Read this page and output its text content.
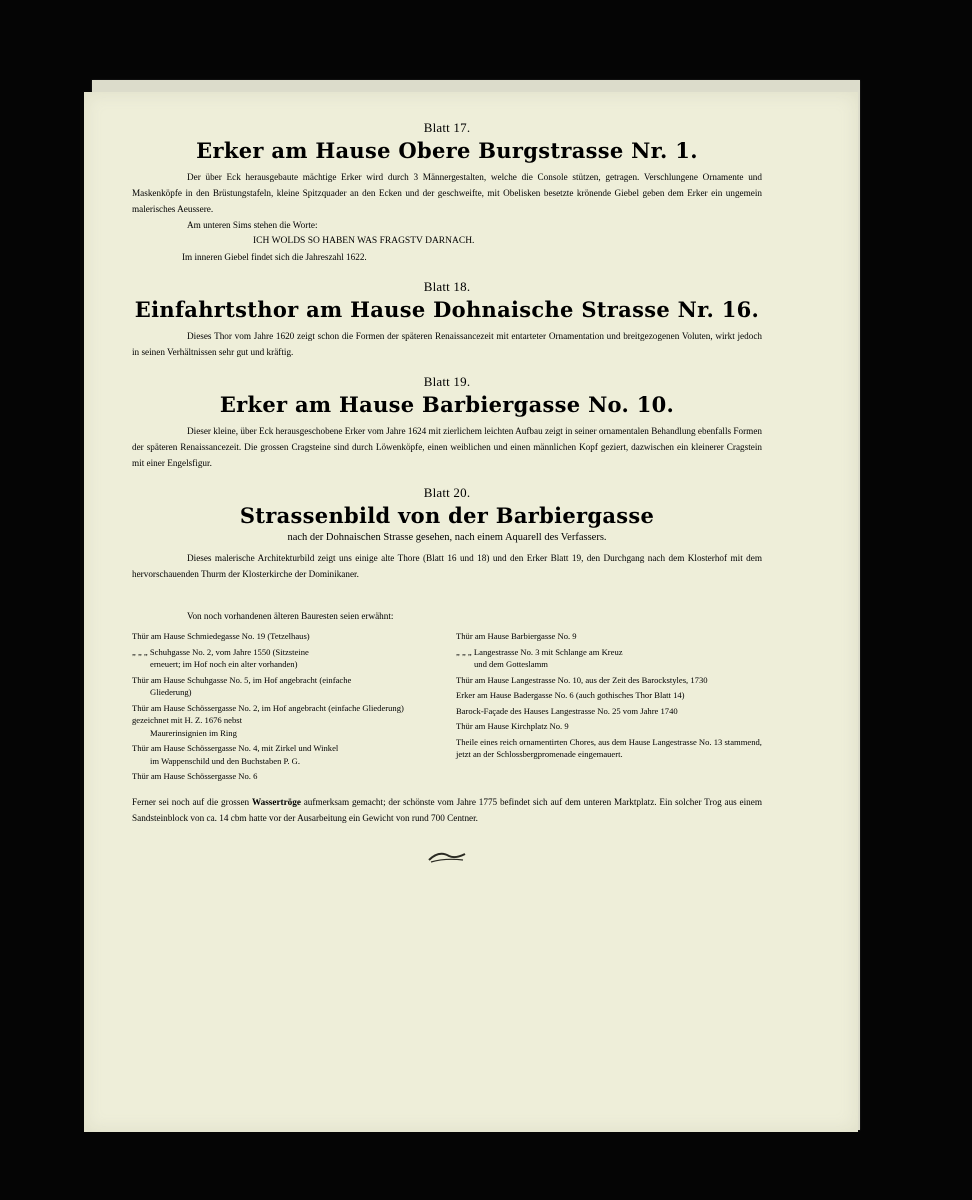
Blatt 17.

Erker am Hause Obere Burgstrasse Nr. 1.

Der über Eck herausgebaute mächtige Erker wird durch 3 Männergestalten, welche die Console stützen, getragen. Verschlungene Ornamente und Maskenköpfe in den Brüstungstafeln, kleine Spitzquader an den Ecken und der geschweifte, mit Obelisken besetzte krönende Giebel geben dem Erker ein ungemein malerisches Aeussere.

Am unteren Sims stehen die Worte:

ICH WOLDS SO HABEN WAS FRAGSTV DARNACH.

Im inneren Giebel findet sich die Jahreszahl 1622.

Blatt 18.

Einfahrtsthor am Hause Dohnaische Strasse Nr. 16.

Dieses Thor vom Jahre 1620 zeigt schon die Formen der späteren Renaissancezeit mit entarteter Ornamentation und breitgezogenen Voluten, wirkt jedoch in seinen Verhältnissen sehr gut und kräftig.

Blatt 19.

Erker am Hause Barbiergasse No. 10.

Dieser kleine, über Eck herausgeschobene Erker vom Jahre 1624 mit zierlichem leichten Aufbau zeigt in seiner ornamentalen Behandlung ebenfalls Formen der späteren Renaissancezeit. Die grossen Cragsteine sind durch Löwenköpfe, einen weiblichen und einen männlichen Kopf geziert, dazwischen ein kleinerer Cragstein mit einer Engelsfigur.

Blatt 20.

Strassenbild von der Barbiergasse

nach der Dohnaischen Strasse gesehen, nach einem Aquarell des Verfassers.

Dieses malerische Architekturbild zeigt uns einige alte Thore (Blatt 16 und 18) und den Erker Blatt 19, den Durchgang nach dem Klosterhof mit dem hervorschauenden Thurm der Klosterkirche der Dominikaner.

Von noch vorhandenen älteren Bauresten seien erwähnt:

Thür am Hause Schmiedegasse No. 19 (Tetzelhaus)

„ „ „ Schuhgasse No. 2, vom Jahre 1550 (Sitzsteine
erneuert; im Hof noch ein alter vorhanden)

Thür am Hause Schuhgasse No. 5, im Hof angebracht (einfache
Gliederung)

Thür am Hause Schössergasse No. 2, im Hof angebracht (einfache Gliederung) gezeichnet mit H. Z. 1676 nebst
Maurerinsignien im Ring

Thür am Hause Schössergasse No. 4, mit Zirkel und Winkel
im Wappenschild und den Buchstaben P. G.

Thür am Hause Schössergasse No. 6

Thür am Hause Barbiergasse No. 9

„ „ „ Langestrasse No. 3 mit Schlange am Kreuz
und dem Gotteslamm

Thür am Hause Langestrasse No. 10, aus der Zeit des Barockstyles, 1730

Erker am Hause Badergasse No. 6 (auch gothisches Thor Blatt 14)

Barock-Façade des Hauses Langestrasse No. 25 vom Jahre 1740

Thür am Hause Kirchplatz No. 9

Theile eines reich ornamentirten Chores, aus dem Hause Langestrasse No. 13 stammend, jetzt an der Schlossbergpromenade eingemauert.

Ferner sei noch auf die grossen Wassertröge aufmerksam gemacht; der schönste vom Jahre 1775 befindet sich auf dem unteren Marktplatz. Ein solcher Trog aus einem Sandsteinblock von ca. 14 cbm hatte vor der Ausarbeitung ein Gewicht von rund 700 Centner.
